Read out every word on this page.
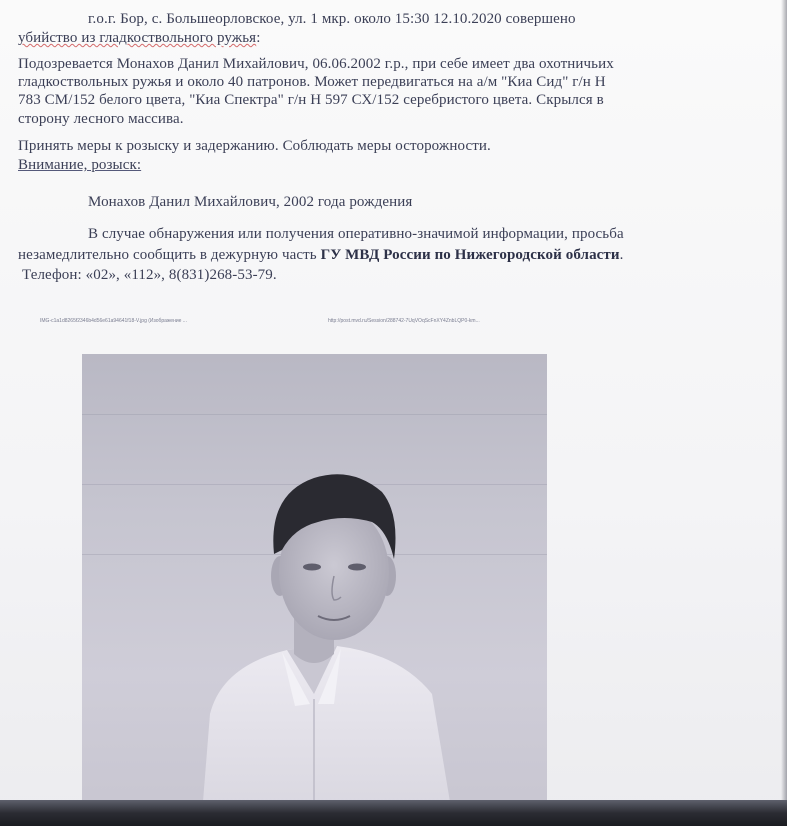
г.о.г. Бор, с. Большеорловское, ул. 1 мкр. около 15:30 12.10.2020 совершено
убийство из гладкоствольного ружья:
Подозревается Монахов Данил Михайлович, 06.06.2002 г.р., при себе имеет два охотничьих
гладкоствольных ружья и около 40 патронов. Может передвигаться на а/м "Киа Сид" г/н Н
783 СМ/152 белого цвета, "Киа Спектра" г/н Н 597 СХ/152 серебристого цвета. Скрылся в
сторону лесного массива.
Принять меры к розыску и задержанию. Соблюдать меры осторожности.
Внимание, розыск:
Монахов Данил Михайлович, 2002 года рождения
В случае обнаружения или получения оперативно-значимой информации, просьба
незамедлительно сообщить в дежурную часть ГУ МВД России по Нижегородской области.
Телефон: «02», «112», 8(831)268-53-79.
IMG-c1a1d8265f2346b4d56e61a94641f18-V.jpg (Изображение ...	http://post.mvd.ru/Session/288742-7UqVOqScFnXY4ZnbLQP0-km...
